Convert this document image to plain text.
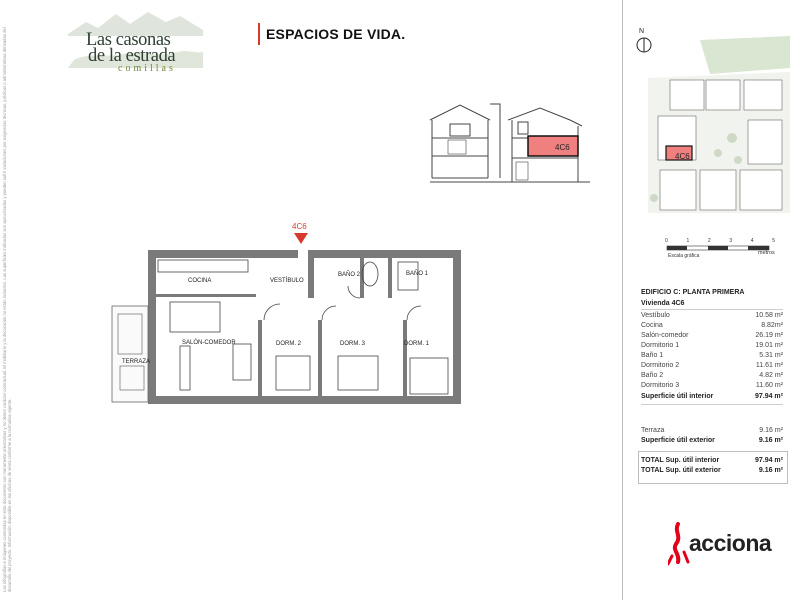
Las infografías e imágenes contenidas en este documento son meramente orientativas y no tienen carácter contractual. El mobiliario y la decoración no están incluidos. Las superficies indicadas son aproximadas y pueden sufrir variaciones por exigencias técnicas, jurídicas o administrativas derivadas del desarrollo del proyecto. Información disponible en las oficinas de venta conforme a la normativa vigente.
Las casonas
de la estrada
comillas
ESPACIOS DE VIDA.
4C6
4C6
COCINA	VESTÍBULO
BAÑO 2	BAÑO 1
SALÓN-COMEDOR
TERRAZA
DORM. 2	DORM. 3	DORM. 1
N
4C6
0	1	2	3	4	5
Escala gráfica	metros
EDIFICIO C: PLANTA PRIMERA
Vivienda 4C6
Vestíbulo	10.58 m²
Cocina	8.82m²
Salón-comedor	26.19 m²
Dormitorio 1	19.01 m²
Baño 1	5.31 m²
Dormitorio 2	11.61 m²
Baño 2	4.82 m²
Dormitorio 3	11.60 m²
Superficie útil interior	97.94 m²
Terraza	9.16 m²
Superficie útil exterior	9.16 m²
TOTAL Sup. útil interior	97.94 m²
TOTAL Sup. útil exterior	9.16 m²
acciona
